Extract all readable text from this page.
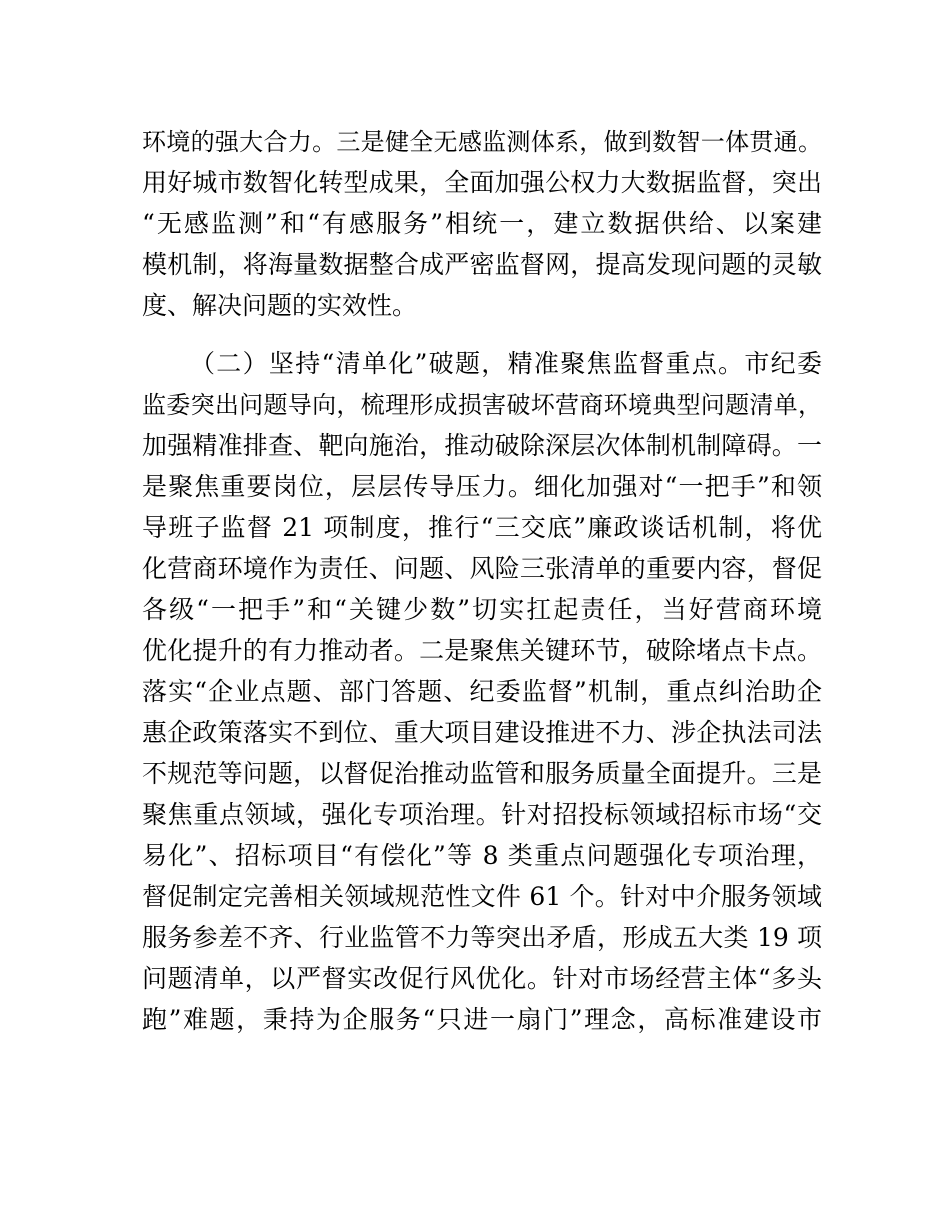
环境的强大合力。三是健全无感监测体系，做到数智一体贯通。
用好城市数智化转型成果，全面加强公权力大数据监督，突出
“无感监测”和“有感服务”相统一，建立数据供给、以案建
模机制，将海量数据整合成严密监督网，提高发现问题的灵敏
度、解决问题的实效性。
（二）坚持“清单化”破题，精准聚焦监督重点。市纪委
监委突出问题导向，梳理形成损害破坏营商环境典型问题清单，
加强精准排查、靶向施治，推动破除深层次体制机制障碍。一
是聚焦重要岗位，层层传导压力。细化加强对“一把手”和领
导班子监督 21 项制度，推行“三交底”廉政谈话机制，将优
化营商环境作为责任、问题、风险三张清单的重要内容，督促
各级“一把手”和“关键少数”切实扛起责任，当好营商环境
优化提升的有力推动者。二是聚焦关键环节，破除堵点卡点。
落实“企业点题、部门答题、纪委监督”机制，重点纠治助企
惠企政策落实不到位、重大项目建设推进不力、涉企执法司法
不规范等问题，以督促治推动监管和服务质量全面提升。三是
聚焦重点领域，强化专项治理。针对招投标领域招标市场“交
易化”、招标项目“有偿化”等 8 类重点问题强化专项治理，
督促制定完善相关领域规范性文件 61 个。针对中介服务领域
服务参差不齐、行业监管不力等突出矛盾，形成五大类 19 项
问题清单，以严督实改促行风优化。针对市场经营主体“多头
跑”难题，秉持为企服务“只进一扇门”理念，高标准建设市
